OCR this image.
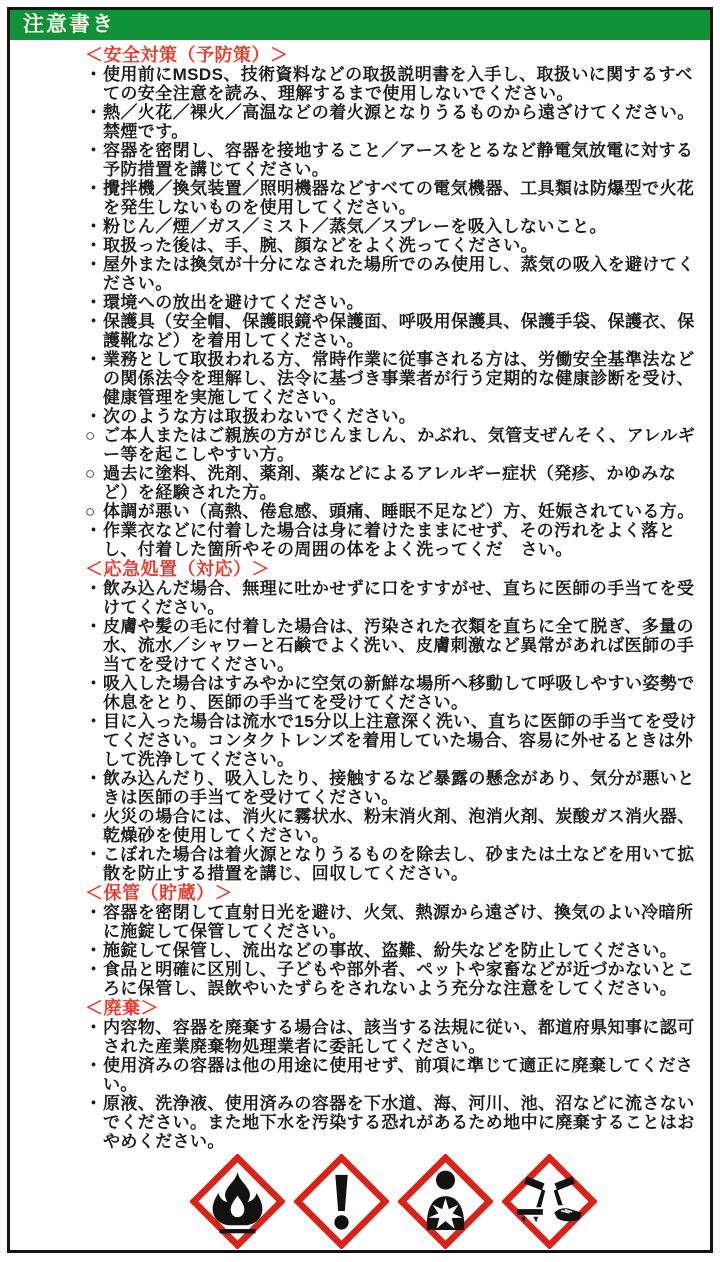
注意書き
＜安全対策（予防策）＞
・使用前にMSDS、技術資料などの取扱説明書を入手し、取扱いに関するすべての安全注意を読み、理解するまで使用しないでください。
・熱／火花／裸火／高温などの着火源となりうるものから遠ざけてください。禁煙です。
・容器を密閉し、容器を接地すること／アースをとるなど静電気放電に対する予防措置を講じてください。
・攪拌機／換気装置／照明機器などすべての電気機器、工具類は防爆型で火花を発生しないものを使用してください。
・粉じん／煙／ガス／ミスト／蒸気／スプレーを吸入しないこと。
・取扱った後は、手、腕、顔などをよく洗ってください。
・屋外または換気が十分になされた場所でのみ使用し、蒸気の吸入を避けてください。
・環境への放出を避けてください。
・保護具（安全帽、保護眼鏡や保護面、呼吸用保護具、保護手袋、保護衣、保護靴など）を着用してください。
・業務として取扱われる方、常時作業に従事される方は、労働安全基準法などの関係法令を理解し、法令に基づき事業者が行う定期的な健康診断を受け、健康管理を実施してください。
・次のような方は取扱わないでください。
○ ご本人またはご親族の方がじんましん、かぶれ、気管支ぜんそく、アレルギー等を起こしやすい方。
○ 過去に塗料、洗剤、薬剤、薬などによるアレルギー症状（発疹、かゆみなど）を経験された方。
○ 体調が悪い（高熱、倦怠感、頭痛、睡眠不足など）方、妊娠されている方。
・作業衣などに付着した場合は身に着けたままにせず、その汚れをよく落とし、付着した箇所やその周囲の体をよく洗ってくだ　さい。
＜応急処置（対応）＞
・飲み込んだ場合、無理に吐かせずに口をすすがせ、直ちに医師の手当てを受けてください。
・皮膚や髪の毛に付着した場合は、汚染された衣類を直ちに全て脱ぎ、多量の水、流水／シャワーと石鹸でよく洗い、皮膚刺激など異常があれば医師の手当てを受けてください。
・吸入した場合はすみやかに空気の新鮮な場所へ移動して呼吸しやすい姿勢で休息をとり、医師の手当てを受けてください。
・目に入った場合は流水で15分以上注意深く洗い、直ちに医師の手当てを受けてください。コンタクトレンズを着用していた場合、容易に外せるときは外して洗浄してください。
・飲み込んだり、吸入したり、接触するなど暴露の懸念があり、気分が悪いときは医師の手当てを受けてください。
・火災の場合には、消火に霧状水、粉末消火剤、泡消火剤、炭酸ガス消火器、乾燥砂を使用してください。
・こぼれた場合は着火源となりうるものを除去し、砂または土などを用いて拡散を防止する措置を講じ、回収してください。
＜保管（貯蔵）＞
・容器を密閉して直射日光を避け、火気、熱源から遠ざけ、換気のよい冷暗所に施錠して保管してください。
・施錠して保管し、流出などの事故、盗難、紛失などを防止してください。
・食品と明確に区別し、子どもや部外者、ペットや家畜などが近づかないところに保管し、誤飲やいたずらをされないよう充分な注意をしてください。
＜廃棄＞
・内容物、容器を廃棄する場合は、該当する法規に従い、都道府県知事に認可された産業廃棄物処理業者に委託してください。
・使用済みの容器は他の用途に使用せず、前項に準じて適正に廃棄してください。
・原液、洗浄液、使用済みの容器を下水道、海、河川、池、沼などに流さないでください。また地下水を汚染する恐れがあるため地中に廃棄することはおやめください。
